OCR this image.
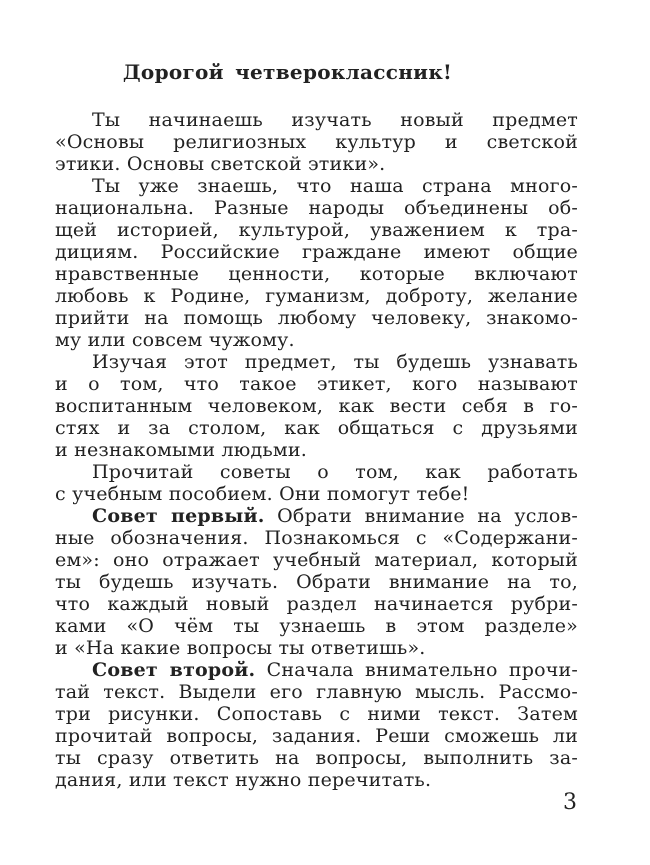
Дорогой четвероклассник!
Ты начинаешь изучать новый предмет
«Основы религиозных культур и светской
этики. Основы светской этики».
Ты уже знаешь, что наша страна много-
национальна. Разные народы объединены об-
щей историей, культурой, уважением к тра-
дициям. Российские граждане имеют общие
нравственные ценности, которые включают
любовь к Родине, гуманизм, доброту, желание
прийти на помощь любому человеку, знакомо-
му или совсем чужому.
Изучая этот предмет, ты будешь узнавать
и о том, что такое этикет, кого называют
воспитанным человеком, как вести себя в го-
стях и за столом, как общаться с друзьями
и незнакомыми людьми.
Прочитай советы о том, как работать
с учебным пособием. Они помогут тебе!
Совет первый. Обрати внимание на услов-
ные обозначения. Познакомься с «Содержани-
ем»: оно отражает учебный материал, который
ты будешь изучать. Обрати внимание на то,
что каждый новый раздел начинается рубри-
ками «О чём ты узнаешь в этом разделе»
и «На какие вопросы ты ответишь».
Совет второй. Сначала внимательно прочи-
тай текст. Выдели его главную мысль. Рассмо-
три рисунки. Сопоставь с ними текст. Затем
прочитай вопросы, задания. Реши сможешь ли
ты сразу ответить на вопросы, выполнить за-
дания, или текст нужно перечитать.
3
